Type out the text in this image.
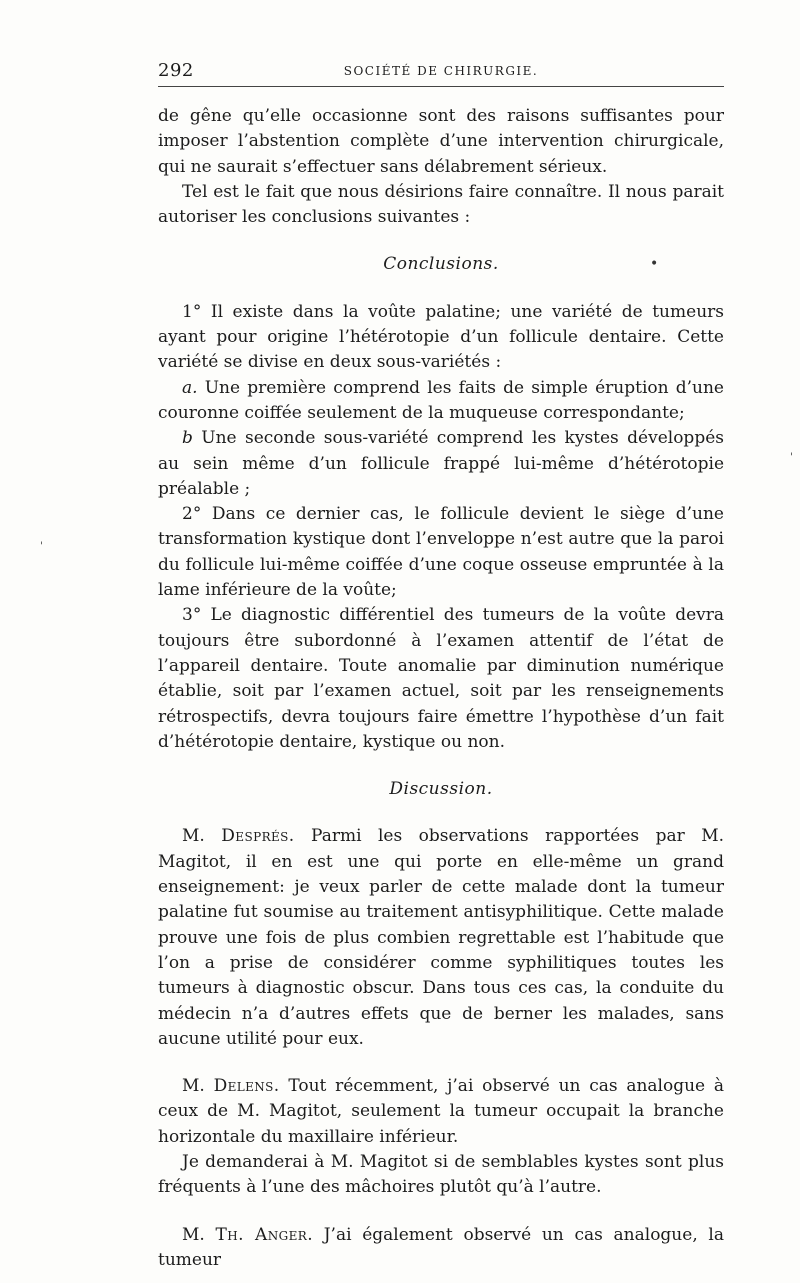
292	SOCIÉTÉ DE CHIRURGIE.
•
'
'

de gêne qu’elle occasionne sont des raisons suffisantes pour imposer l’abstention complète d’une intervention chirurgicale, qui ne saurait s’effectuer sans délabrement sérieux.

Tel est le fait que nous désirions faire connaître. Il nous parait autoriser les conclusions suivantes :

Conclusions.

1° Il existe dans la voûte palatine; une variété de tumeurs ayant pour origine l’hétérotopie d’un follicule dentaire. Cette variété se divise en deux sous-variétés :

a. Une première comprend les faits de simple éruption d’une couronne coiffée seulement de la muqueuse correspondante;

b Une seconde sous-variété comprend les kystes développés au sein même d’un follicule frappé lui-même d’hétérotopie préalable ;

2° Dans ce dernier cas, le follicule devient le siège d’une transformation kystique dont l’enveloppe n’est autre que la paroi du follicule lui-même coiffée d’une coque osseuse empruntée à la lame inférieure de la voûte;

3° Le diagnostic différentiel des tumeurs de la voûte devra toujours être subordonné à l’examen attentif de l’état de l’appareil dentaire. Toute anomalie par diminution numérique établie, soit par l’examen actuel, soit par les renseignements rétrospectifs, devra toujours faire émettre l’hypothèse d’un fait d’hétérotopie dentaire, kystique ou non.

Discussion.

M. Després. Parmi les observations rapportées par M. Magitot, il en est une qui porte en elle-même un grand enseignement: je veux parler de cette malade dont la tumeur palatine fut soumise au traitement antisyphilitique. Cette malade prouve une fois de plus combien regrettable est l’habitude que l’on a prise de considérer comme syphilitiques toutes les tumeurs à diagnostic obscur. Dans tous ces cas, la conduite du médecin n’a d’autres effets que de berner les malades, sans aucune utilité pour eux.

M. Delens. Tout récemment, j’ai observé un cas analogue à ceux de M. Magitot, seulement la tumeur occupait la branche horizontale du maxillaire inférieur.

Je demanderai à M. Magitot si de semblables kystes sont plus fréquents à l’une des mâchoires plutôt qu’à l’autre.

M. Th. Anger. J’ai également observé un cas analogue, la tumeur
